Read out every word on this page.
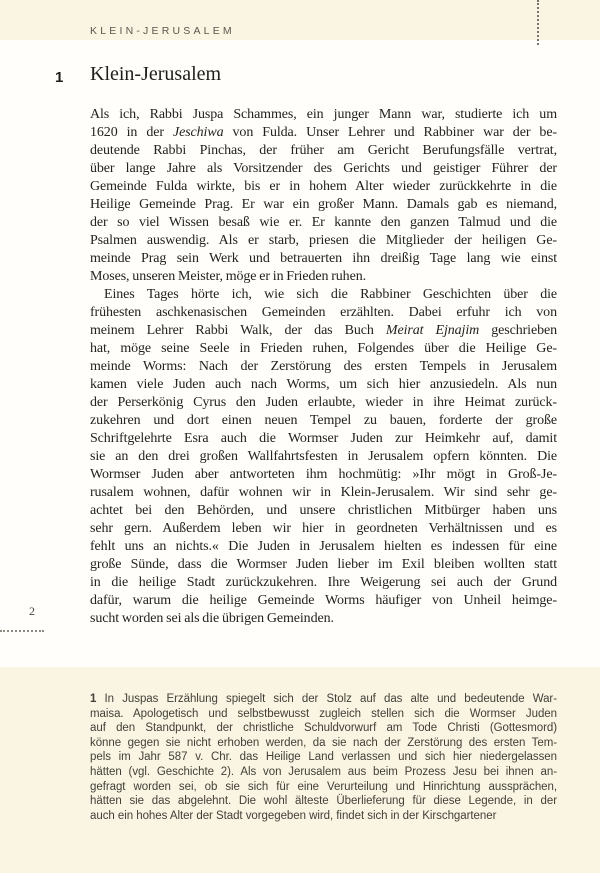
KLEIN-JERUSALEM
1 Klein-Jerusalem
Als ich, Rabbi Juspa Schammes, ein junger Mann war, studierte ich um
1620 in der Jeschiwa von Fulda. Unser Lehrer und Rabbiner war der be-
deutende Rabbi Pinchas, der früher am Gericht Berufungsfälle vertrat,
über lange Jahre als Vorsitzender des Gerichts und geistiger Führer der
Gemeinde Fulda wirkte, bis er in hohem Alter wieder zurückkehrte in die
Heilige Gemeinde Prag. Er war ein großer Mann. Damals gab es niemand,
der so viel Wissen besaß wie er. Er kannte den ganzen Talmud und die
Psalmen auswendig. Als er starb, priesen die Mitglieder der heiligen Ge-
meinde Prag sein Werk und betrauerten ihn dreißig Tage lang wie einst
Moses, unseren Meister, möge er in Frieden ruhen.
Eines Tages hörte ich, wie sich die Rabbiner Geschichten über die
frühesten aschkenasischen Gemeinden erzählten. Dabei erfuhr ich von
meinem Lehrer Rabbi Walk, der das Buch Meirat Ejnajim geschrieben
hat, möge seine Seele in Frieden ruhen, Folgendes über die Heilige Ge-
meinde Worms: Nach der Zerstörung des ersten Tempels in Jerusalem
kamen viele Juden auch nach Worms, um sich hier anzusiedeln. Als nun
der Perserkönig Cyrus den Juden erlaubte, wieder in ihre Heimat zurück-
zukehren und dort einen neuen Tempel zu bauen, forderte der große
Schriftgelehrte Esra auch die Wormser Juden zur Heimkehr auf, damit
sie an den drei großen Wallfahrtsfesten in Jerusalem opfern könnten. Die
Wormser Juden aber antworteten ihm hochmütig: »Ihr mögt in Groß-Je-
rusalem wohnen, dafür wohnen wir in Klein-Jerusalem. Wir sind sehr ge-
achtet bei den Behörden, und unsere christlichen Mitbürger haben uns
sehr gern. Außerdem leben wir hier in geordneten Verhältnissen und es
fehlt uns an nichts.« Die Juden in Jerusalem hielten es indessen für eine
große Sünde, dass die Wormser Juden lieber im Exil bleiben wollten statt
in die heilige Stadt zurückzukehren. Ihre Weigerung sei auch der Grund
dafür, warum die heilige Gemeinde Worms häufiger von Unheil heimge-
sucht worden sei als die übrigen Gemeinden.
2
1 In Juspas Erzählung spiegelt sich der Stolz auf das alte und bedeutende War-
maisa. Apologetisch und selbstbewusst zugleich stellen sich die Wormser Juden
auf den Standpunkt, der christliche Schuldvorwurf am Tode Christi (Gottesmord)
könne gegen sie nicht erhoben werden, da sie nach der Zerstörung des ersten Tem-
pels im Jahr 587 v. Chr. das Heilige Land verlassen und sich hier niedergelassen
hätten (vgl. Geschichte 2). Als von Jerusalem aus beim Prozess Jesu bei ihnen an-
gefragt worden sei, ob sie sich für eine Verurteilung und Hinrichtung aussprächen,
hätten sie das abgelehnt. Die wohl älteste Überlieferung für diese Legende, in der
auch ein hohes Alter der Stadt vorgegeben wird, findet sich in der Kirschgartener
